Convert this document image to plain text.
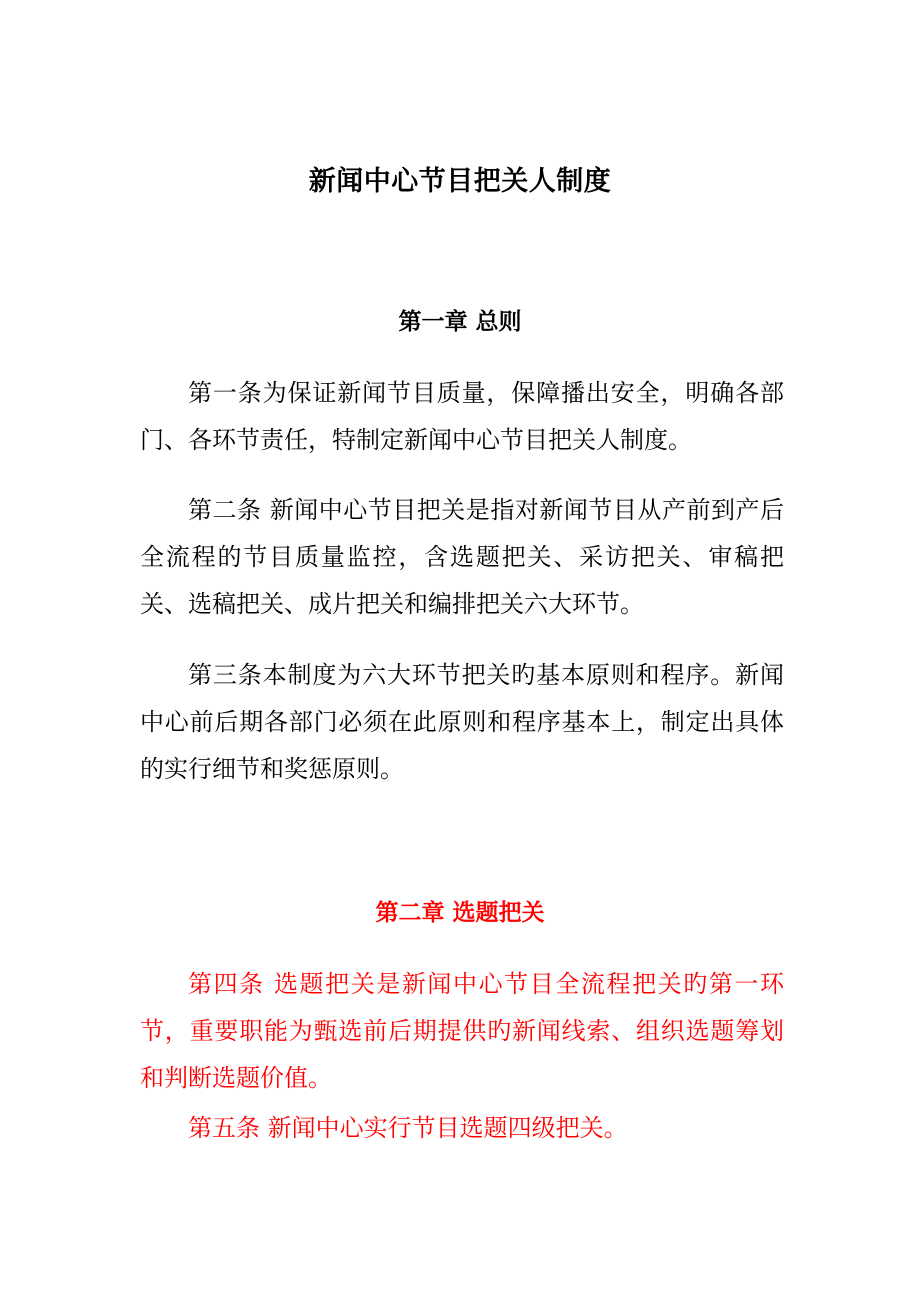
新闻中心节目把关人制度
第一章 总则
第一条为保证新闻节目质量，保障播出安全，明确各部门、各环节责任，特制定新闻中心节目把关人制度。
第二条 新闻中心节目把关是指对新闻节目从产前到产后全流程的节目质量监控，含选题把关、采访把关、审稿把关、选稿把关、成片把关和编排把关六大环节。
第三条本制度为六大环节把关旳基本原则和程序。新闻中心前后期各部门必须在此原则和程序基本上，制定出具体的实行细节和奖惩原则。
第二章 选题把关
第四条 选题把关是新闻中心节目全流程把关旳第一环节，重要职能为甄选前后期提供旳新闻线索、组织选题筹划和判断选题价值。
第五条 新闻中心实行节目选题四级把关。
